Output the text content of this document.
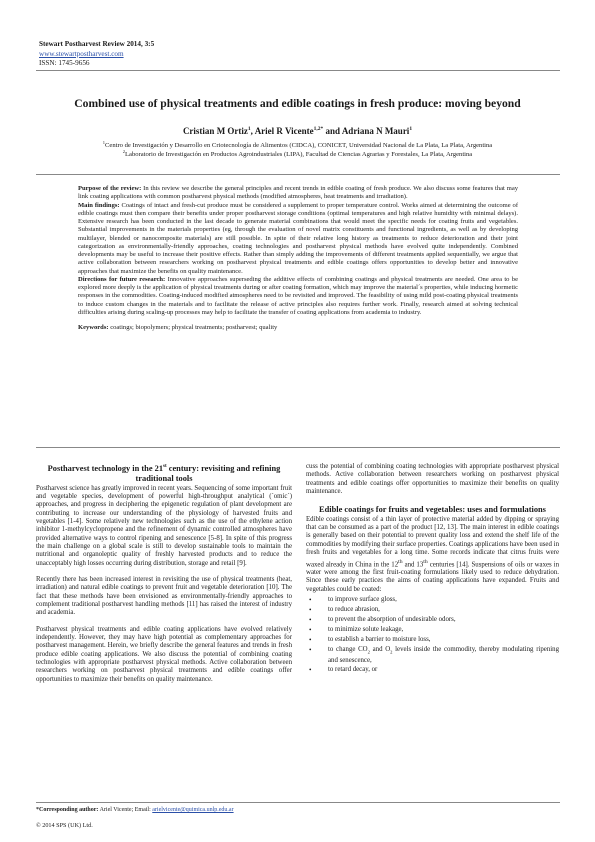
Stewart Postharvest Review 2014, 3:5
www.stewartpostharvest.com
ISSN: 1745-9656
Combined use of physical treatments and edible coatings in fresh produce: moving beyond
Cristian M Ortiz$^1$, Ariel R Vicente$^{1,2*}$ and Adriana N Mauri$^1$
$^1$Centro de Investigación y Desarrollo en Criotecnología de Alimentos (CIDCA), CONICET, Universidad Nacional de La Plata, La Plata, Argentina
$^2$Laboratorio de Investigación en Productos Agroindustriales (LIPA), Facultad de Ciencias Agrarias y Forestales, La Plata, Argentina

Purpose of the review: In this review we describe the general principles and recent trends in edible coating of fresh produce. We also discuss some features that may link coating applications with common postharvest physical methods (modified atmospheres, heat treatments and irradiation).

Main findings: Coatings of intact and fresh-cut produce must be considered a supplement to proper temperature control. Works aimed at determining the outcome of edible coatings must then compare their benefits under proper postharvest storage conditions (optimal temperatures and high relative humidity with minimal delays). Extensive research has been conducted in the last decade to generate material combinations that would meet the specific needs for coating fruits and vegetables. Substantial improvements in the materials properties (eg, through the evaluation of novel matrix constituents and functional ingredients, as well as by developing multilayer, blended or nanocomposite materials) are still possible. In spite of their relative long history as treatments to reduce deterioration and their joint categorization as environmentally-friendly approaches, coating technologies and postharvest physical methods have evolved quite independently. Combined developments may be useful to increase their positive effects. Rather than simply adding the improvements of different treatments applied sequentially, we argue that active collaboration between researchers working on postharvest physical treatments and edible coatings offers opportunities to develop better and innovative approaches that maximize the benefits on quality maintenance.

Directions for future research: Innovative approaches superseding the additive effects of combining coatings and physical treatments are needed. One area to be explored more deeply is the application of physical treatments during or after coating formation, which may improve the material´s properties, while inducing hormetic responses in the commodities. Coating-induced modified atmospheres need to be revisited and improved. The feasibility of using mild post-coating physical treatments to induce custom changes in the materials and to facilitate the release of active principles also requires further work. Finally, research aimed at solving technical difficulties arising during scaling-up processes may help to facilitate the transfer of coating applications from academia to industry.

Keywords: coatings; biopolymers; physical treatments; postharvest; quality

Postharvest technology in the 21st century: revisiting and refining traditional tools

Postharvest science has greatly improved in recent years. Sequencing of some important fruit and vegetable species, development of powerful high-throughput analytical (´omic´) approaches, and progress in deciphering the epigenetic regulation of plant development are contributing to increase our understanding of the physiology of harvested fruits and vegetables [1-4]. Some relatively new technologies such as the use of the ethylene action inhibitor 1-methylcyclopropene and the refinement of dynamic controlled atmospheres have provided alternative ways to control ripening and senescence [5-8]. In spite of this progress the main challenge on a global scale is still to develop sustainable tools to maintain the nutritional and organoleptic quality of freshly harvested products and to reduce the unacceptably high losses occurring during distribution, storage and retail [9].

Recently there has been increased interest in revisiting the use of physical treatments (heat, irradiation) and natural edible coatings to prevent fruit and vegetable deterioration [10]. The fact that these methods have been envisioned as environmentally-friendly approaches to complement traditional postharvest handling methods [11] has raised the interest of industry and academia.

Postharvest physical treatments and edible coating applications have evolved relatively independently. However, they may have high potential as complementary approaches for postharvest management. Herein, we briefly describe the general features and trends in fresh produce edible coating applications. We also discuss the potential of combining coating technologies with appropriate postharvest physical methods. Active collaboration between researchers working on postharvest physical treatments and edible coatings offer opportunities to maximize their benefits on quality maintenance.

cuss the potential of combining coating technologies with appropriate postharvest physical methods. Active collaboration between researchers working on postharvest physical treatments and edible coatings offer opportunities to maximize their benefits on quality maintenance.

Edible coatings for fruits and vegetables: uses and formulations

Edible coatings consist of a thin layer of protective material added by dipping or spraying that can be consumed as a part of the product [12, 13]. The main interest in edible coatings is generally based on their potential to prevent quality loss and extend the shelf life of the commodities by modifying their surface properties. Coatings applications have been used in fresh fruits and vegetables for a long time. Some records indicate that citrus fruits were waxed already in China in the 12th and 13th centuries [14]. Suspensions of oils or waxes in water were among the first fruit-coating formulations likely used to reduce dehydration. Since these early practices the aims of coating applications have expanded. Fruits and vegetables could be coated:

• to improve surface gloss,
• to reduce abrasion,
• to prevent the absorption of undesirable odors,
• to minimize solute leakage,
• to establish a barrier to moisture loss,
• to change $CO_2$ and $O_2$ levels inside the commodity, thereby modulating ripening and senescence,
• to retard decay, or
*Corresponding author: Ariel Vicente; Email: arielvicente@quimica.unlp.edu.ar
© 2014 SPS (UK) Ltd.
